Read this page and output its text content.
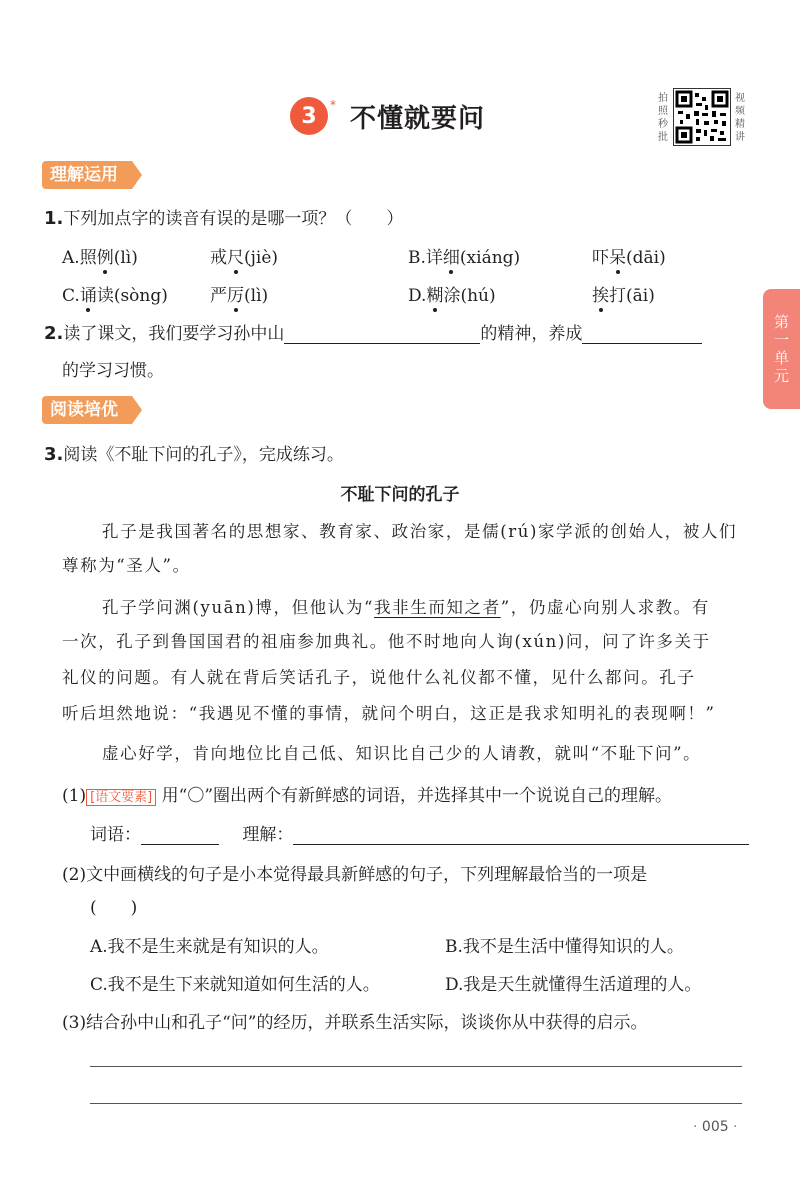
3	* 不懂就要问
拍
照
秒
批
视
频
精
讲
理解运用
1.下列加点字的读音有误的是哪一项？（　　）
A.照例(lì)	戒尺(jiè)	B.详细(xiáng)	吓呆(dāi)
C.诵读(sòng) 严厉(lì)	D.糊涂(hú)	挨打(āi)
2.读了课文，我们要学习孙中山	的精神，养成
的学习习惯。
第
一
单
元
阅读培优
3.阅读《不耻下问的孔子》，完成练习。
不耻下问的孔子
孔子是我国著名的思想家、教育家、政治家，是儒(rú)家学派的创始人，被人们
尊称为“圣人”。
孔子学问渊(yuān)博，但他认为“我非生而知之者”，仍虚心向别人求教。有
一次，孔子到鲁国国君的祖庙参加典礼。他不时地向人询(xún)问，问了许多关于
礼仪的问题。有人就在背后笑话孔子，说他什么礼仪都不懂，见什么都问。孔子
听后坦然地说：“我遇见不懂的事情，就问个明白，这正是我求知明礼的表现啊！”
虚心好学，肯向地位比自己低、知识比自己少的人请教，就叫“不耻下问”。
(1) [语文要素] 用“〇”圈出两个有新鲜感的词语，并选择其中一个说说自己的理解。
词语：	理解：
(2)文中画横线的句子是小本觉得最具新鲜感的句子，下列理解最恰当的一项是
(　　)
A.我不是生来就是有知识的人。	B.我不是生活中懂得知识的人。
C.我不是生下来就知道如何生活的人。	D.我是天生就懂得生活道理的人。
(3)结合孙中山和孔子“问”的经历，并联系生活实际，谈谈你从中获得的启示。
· 005 ·
